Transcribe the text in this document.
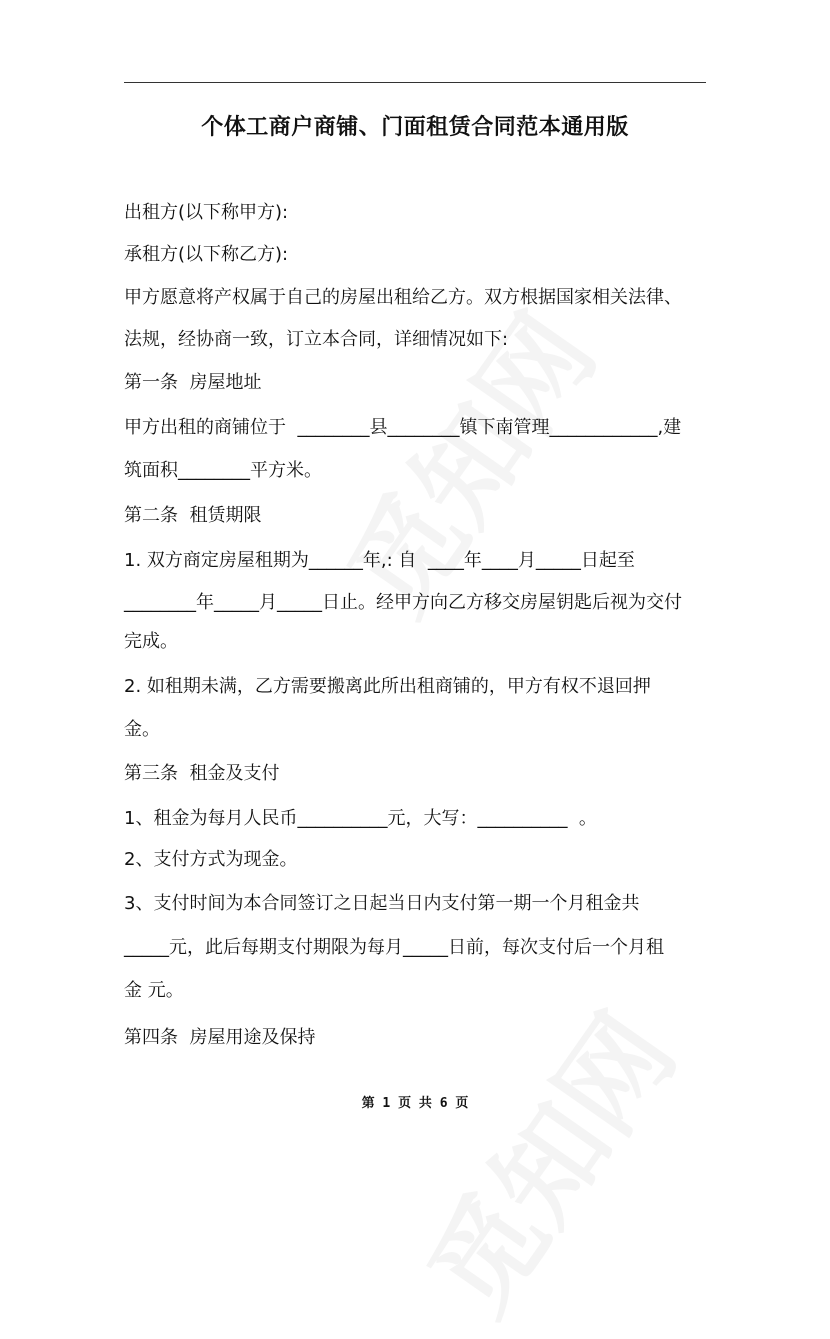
个体工商户商铺、门面租赁合同范本通用版
出租方(以下称甲方):
承租方(以下称乙方):
甲方愿意将产权属于自己的房屋出租给乙方。双方根据国家相关法律、
法规，经协商一致，订立本合同，详细情况如下:
第一条  房屋地址
甲方出租的商铺位于  ________县________镇下南管理____________,建
筑面积________平方米。
第二条  租赁期限
1. 双方商定房屋租期为______年,: 自  ____年____月_____日起至
________年_____月_____日止。经甲方向乙方移交房屋钥匙后视为交付
完成。
2. 如租期未满，乙方需要搬离此所出租商铺的，甲方有权不退回押
金。
第三条  租金及支付
1、租金为每月人民币__________元，大写：__________  。
2、支付方式为现金。
3、支付时间为本合同签订之日起当日内支付第一期一个月租金共
_____元，此后每期支付期限为每月_____日前，每次支付后一个月租
金 元。
第四条  房屋用途及保持
第 1 页 共 6 页
